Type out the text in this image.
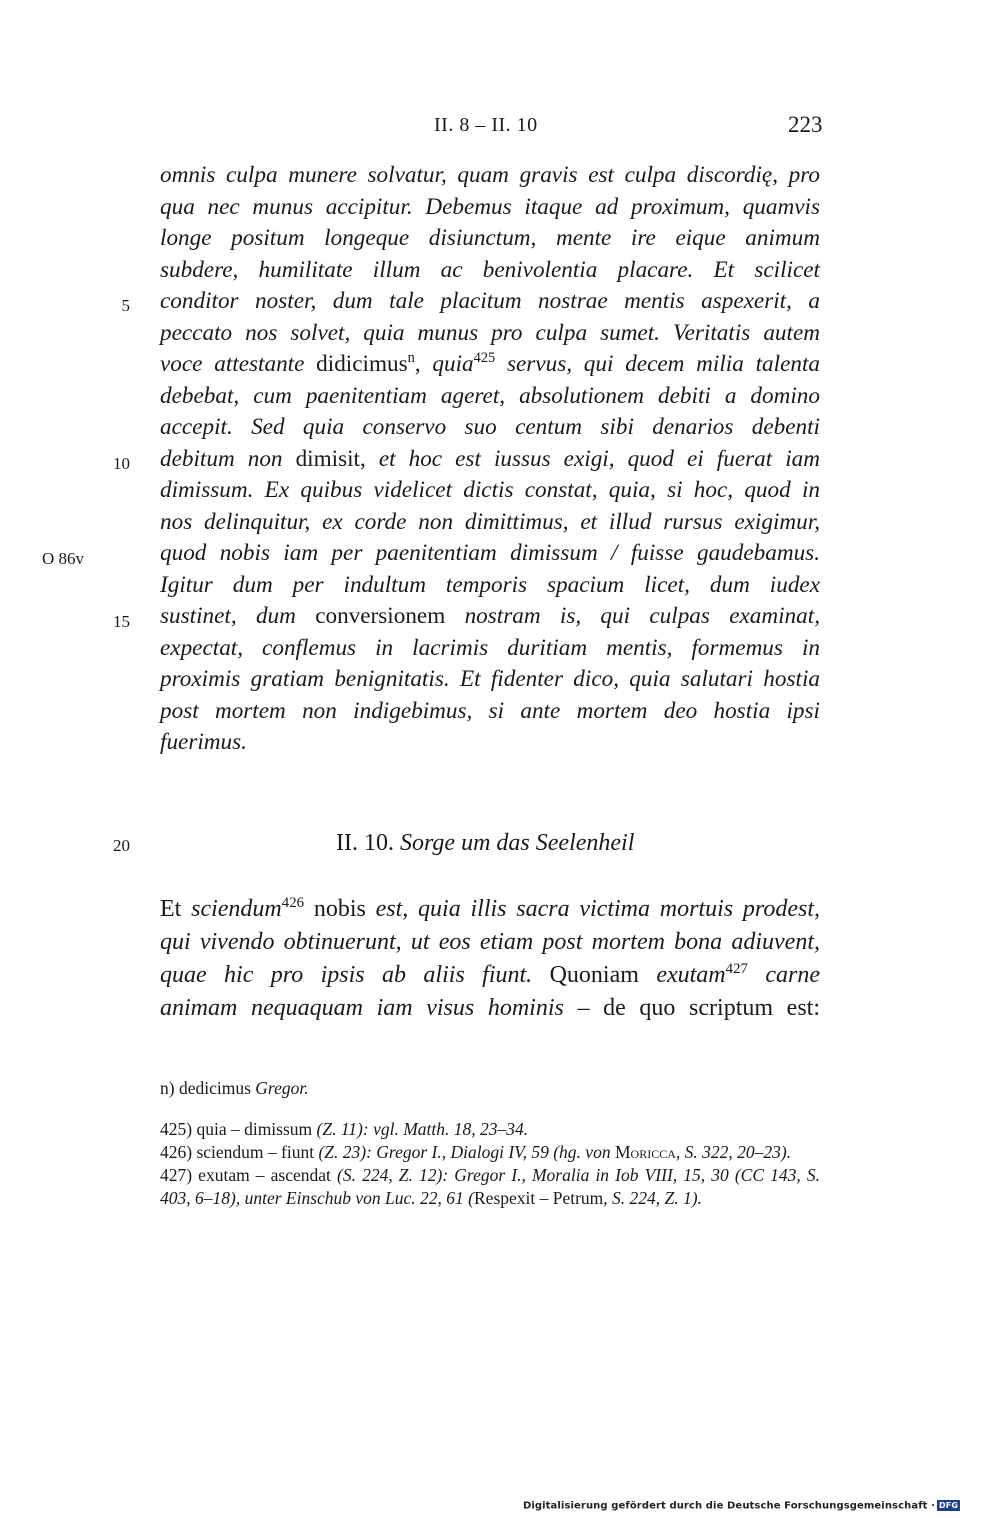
II. 8 – II. 10	223
omnis culpa munere solvatur, quam gravis est culpa discordię, pro
qua nec munus accipitur. Debemus itaque ad proximum, quamvis
longe positum longeque disiunctum, mente ire eique animum
subdere, humilitate illum ac benivolentia placare. Et scilicet
conditor noster, dum tale placitum nostrae mentis aspexerit, a
peccato nos solvet, quia munus pro culpa sumet. Veritatis autem
voce attestante didicimus$^n$, quia$^{425}$ servus, qui decem milia talenta
debebat, cum paenitentiam ageret, absolutionem debiti a domino
accepit. Sed quia conservo suo centum sibi denarios debenti
debitum non dimisit, et hoc est iussus exigi, quod ei fuerat iam
dimissum. Ex quibus videlicet dictis constat, quia, si hoc, quod in
nos delinquitur, ex corde non dimittimus, et illud rursus exigimur,
quod nobis iam per paenitentiam dimissum / fuisse gaudebamus.
Igitur dum per indultum temporis spacium licet, dum iudex
sustinet, dum conversionem nostram is, qui culpas examinat,
expectat, conflemus in lacrimis duritiam mentis, formemus in
proximis gratiam benignitatis. Et fidenter dico, quia salutari hostia
post mortem non indigebimus, si ante mortem deo hostia ipsi
fuerimus.
5
10
15
20
O 86v
II. 10. Sorge um das Seelenheil
Et sciendum$^{426}$ nobis est, quia illis sacra victima mortuis prodest,
qui vivendo obtinuerunt, ut eos etiam post mortem bona adiuvent,
quae hic pro ipsis ab aliis fiunt. Quoniam exutam$^{427}$ carne
animam nequaquam iam visus hominis – de quo scriptum est:
n) dedicimus Gregor.
425) quia – dimissum (Z. 11): vgl. Matth. 18, 23–34.
426) sciendum – fiunt (Z. 23): Gregor I., Dialogi IV, 59 (hg. von Moricca, S. 322, 20–23).
427) exutam – ascendat (S. 224, Z. 12): Gregor I., Moralia in Iob VIII, 15, 30 (CC 143, S. 403, 6–18), unter Einschub von Luc. 22, 61 (Respexit – Petrum, S. 224, Z. 1).
Digitalisierung gefördert durch die Deutsche Forschungsgemeinschaft · DFG
